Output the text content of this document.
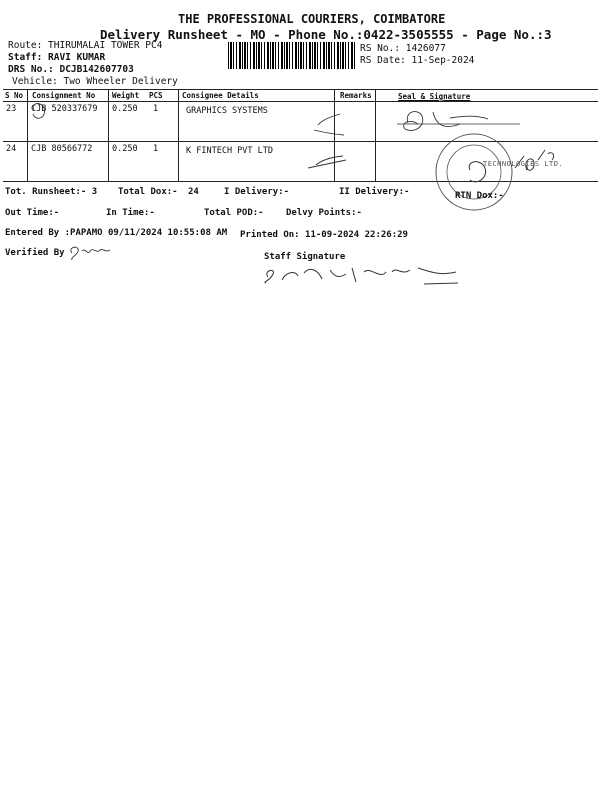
THE PROFESSIONAL COURIERS, COIMBATORE
Delivery Runsheet - MO - Phone No.:0422-3505555 - Page No.:3
Route: THIRUMALAI TOWER PC4
Staff: RAVI KUMAR
DRS No.: DCJB142607703
Vehicle: Two Wheeler Delivery
RS No.: 1426077
RS Date: 11-Sep-2024
S No Consignment No Weight PCS	Consignee Details	Remarks	Seal & Signature
23 CJB 520337679 0.250 1	GRAPHICS SYSTEMS
24 CJB 80566772 0.250 1	K FINTECH PVT LTD
TECHNOLOGIES LTD.
Tot. Runsheet:- 3 Total Dox:- 24	I Delivery:-	II Delivery:-	RTN Dox:-
Out Time:-	In Time:-	Total POD:- Delvy Points:-
Entered By :PAPAMO 09/11/2024 10:55:08 AM Printed On: 11-09-2024 22:26:29
Verified By	Staff Signature
